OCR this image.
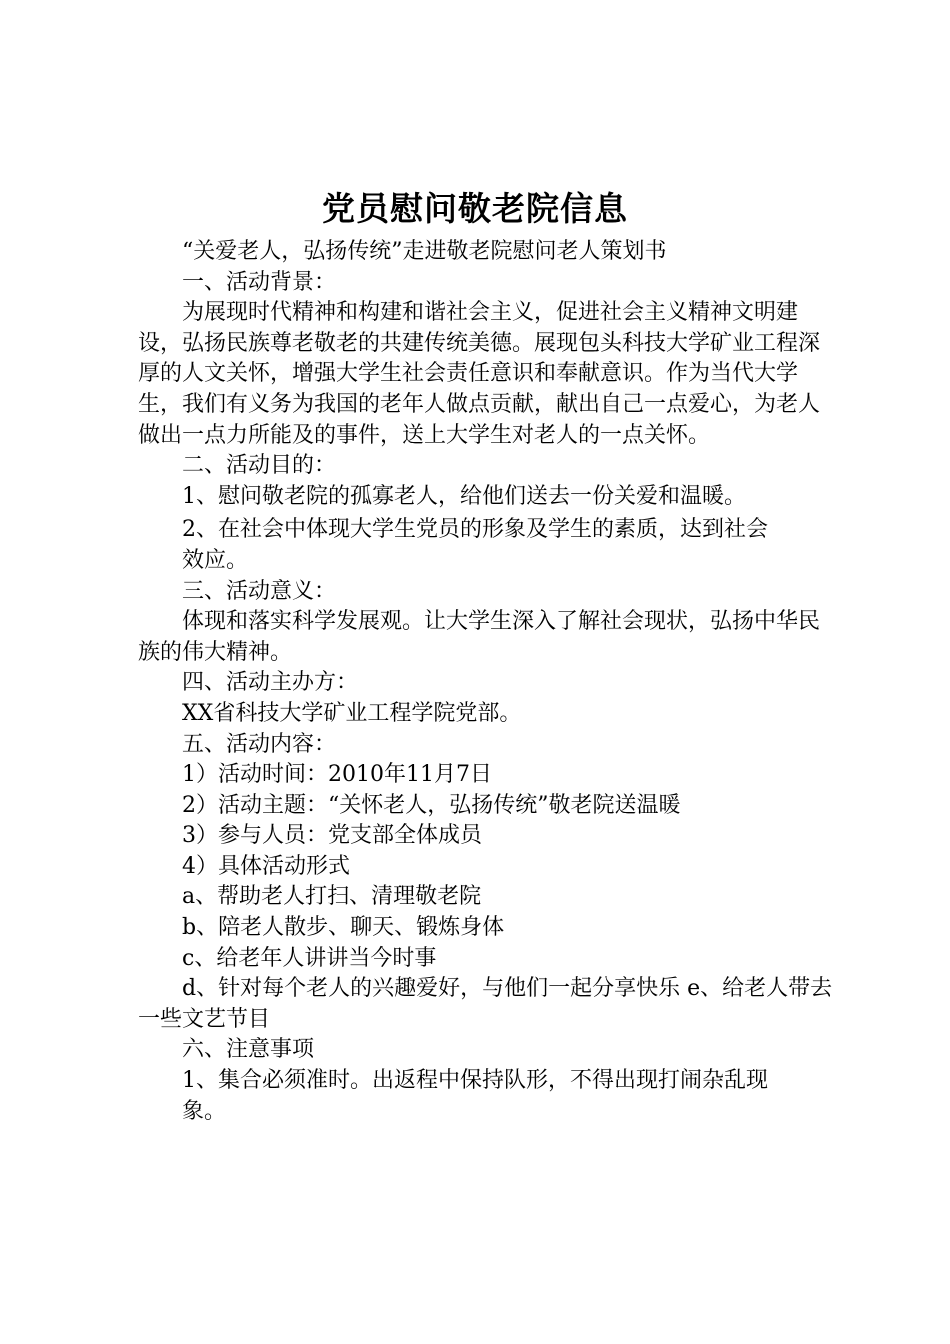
党员慰问敬老院信息

“关爱老人，弘扬传统”走进敬老院慰问老人策划书

一、活动背景：

为展现时代精神和构建和谐社会主义，促进社会主义精神文明建设，弘扬民族尊老敬老的共建传统美德。展现包头科技大学矿业工程深厚的人文关怀，增强大学生社会责任意识和奉献意识。作为当代大学生，我们有义务为我国的老年人做点贡献，献出自己一点爱心，为老人做出一点力所能及的事件，送上大学生对老人的一点关怀。

二、活动目的：

1、慰问敬老院的孤寡老人，给他们送去一份关爱和温暖。

2、在社会中体现大学生党员的形象及学生的素质，达到社会效应。

三、活动意义：

体现和落实科学发展观。让大学生深入了解社会现状，弘扬中华民族的伟大精神。

四、活动主办方：

XX省科技大学矿业工程学院党部。

五、活动内容：

1）活动时间：2010年11月7日

2）活动主题：“关怀老人，弘扬传统”敬老院送温暖

3）参与人员：党支部全体成员

4）具体活动形式

a、帮助老人打扫、清理敬老院

b、陪老人散步、聊天、锻炼身体

c、给老年人讲讲当今时事

d、针对每个老人的兴趣爱好，与他们一起分享快乐 e、给老人带去一些文艺节目

六、注意事项

1、集合必须准时。出返程中保持队形，不得出现打闹杂乱现象。
